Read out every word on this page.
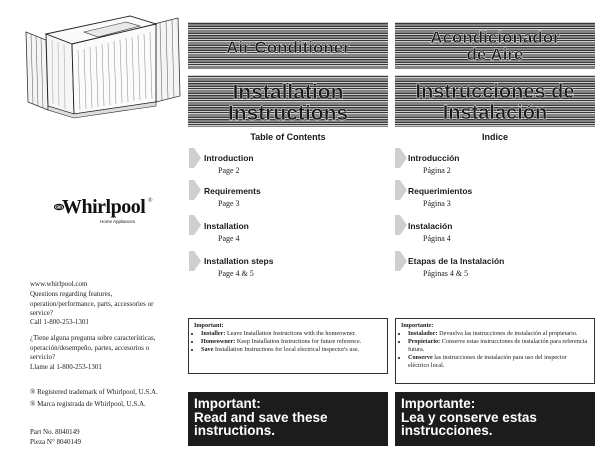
Whirlpool ®
Home Appliances
www.whirlpool.com
Questions regarding features, operation/performance, parts, accessories or service?
Call 1-800-253-1301
¿Tiene alguna pregunta sobre características, operación/desempeño, partes, accesorios o servicio?
Llame al 1-800-253-1301
® Registered trademark of Whirlpool, U.S.A.
® Marca registrada de Whirlpool, U.S.A.
Part No. 8040149
Pieza N° 8040149
Air Conditioner
Installation
Instructions
Acondicionador
de Aire
Instrucciones de
Instalación
Table of Contents	Indice
Introduction
Page 2
Requirements
Page 3
Installation
Page 4
Installation steps
Page 4 & 5
Introducción
Página 2
Requerimientos
Página 3
Instalación
Página 4
Etapas de la Instalación
Páginas 4 & 5
Important:
• Installer: Leave Installation Instructions with the homeowner.
• Homeowner: Keep Installation Instructions for future reference.
• Save Installation Instructions for local electrical inspector's use.
Importante:
• Instalador: Devuelva las instrucciones de instalación al propietario.
• Propietario: Conserve estas instrucciones de instalación para referencia futura.
• Conserve las instrucciones de instalación para uso del inspector eléctrico local.
Important:
Read and save these
instructions.
Importante:
Lea y conserve estas
instrucciones.
